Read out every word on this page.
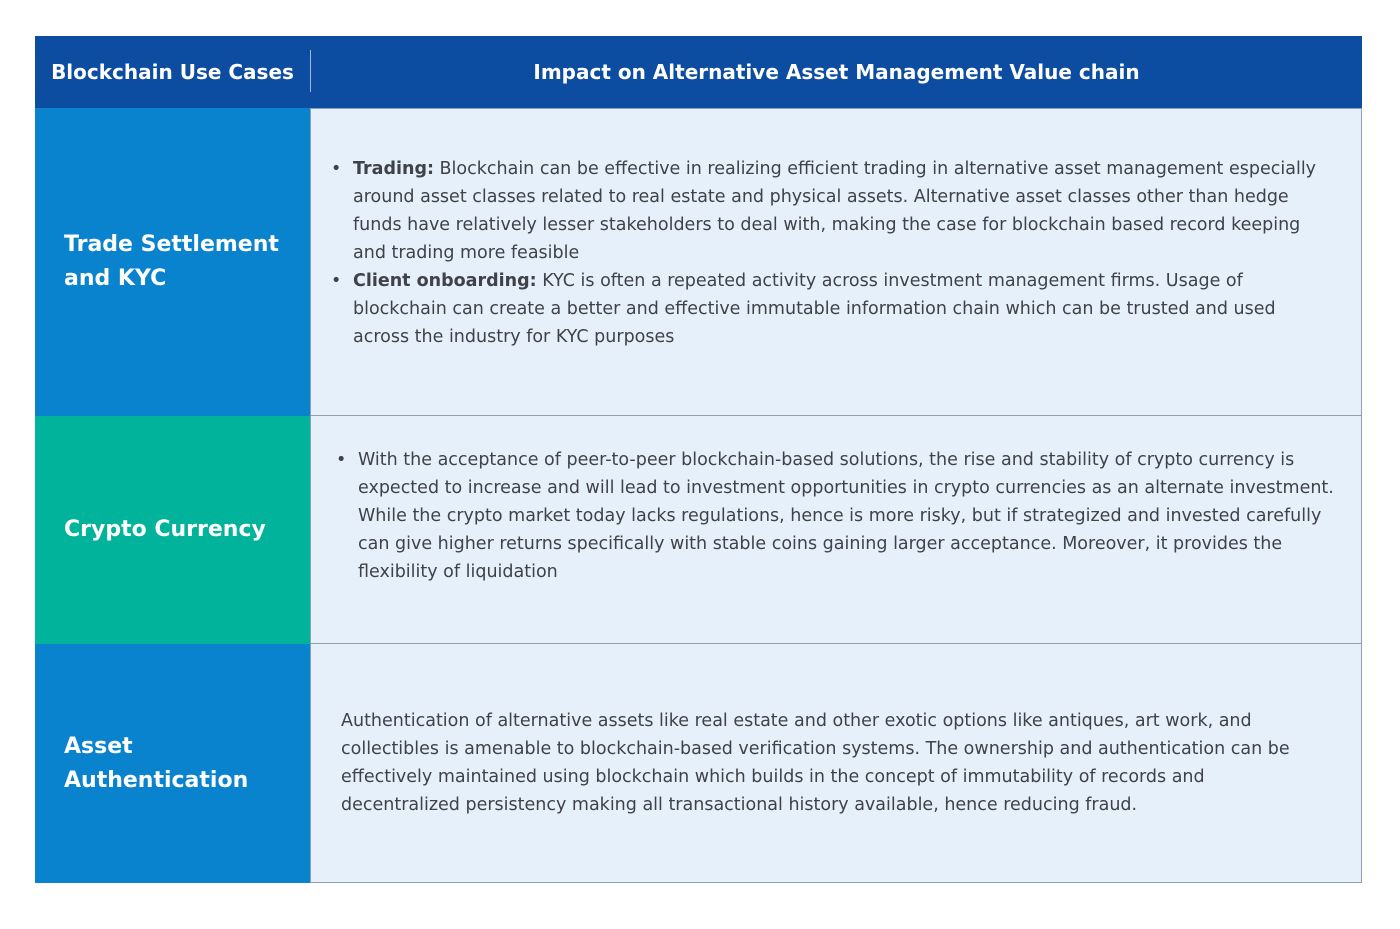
Blockchain Use Cases	Impact on Alternative Asset Management Value chain
Trade Settlement and KYC
• Trading: Blockchain can be effective in realizing efficient trading in alternative asset management especially around asset classes related to real estate and physical assets. Alternative asset classes other than hedge funds have relatively lesser stakeholders to deal with, making the case for blockchain based record keeping and trading more feasible
• Client onboarding: KYC is often a repeated activity across investment management firms. Usage of blockchain can create a better and effective immutable information chain which can be trusted and used across the industry for KYC purposes
Crypto Currency
• With the acceptance of peer-to-peer blockchain-based solutions, the rise and stability of crypto currency is expected to increase and will lead to investment opportunities in crypto currencies as an alternate investment. While the crypto market today lacks regulations, hence is more risky, but if strategized and invested carefully can give higher returns specifically with stable coins gaining larger acceptance. Moreover, it provides the flexibility of liquidation
Asset Authentication
Authentication of alternative assets like real estate and other exotic options like antiques, art work, and collectibles is amenable to blockchain-based verification systems. The ownership and authentication can be effectively maintained using blockchain which builds in the concept of immutability of records and decentralized persistency making all transactional history available, hence reducing fraud.
